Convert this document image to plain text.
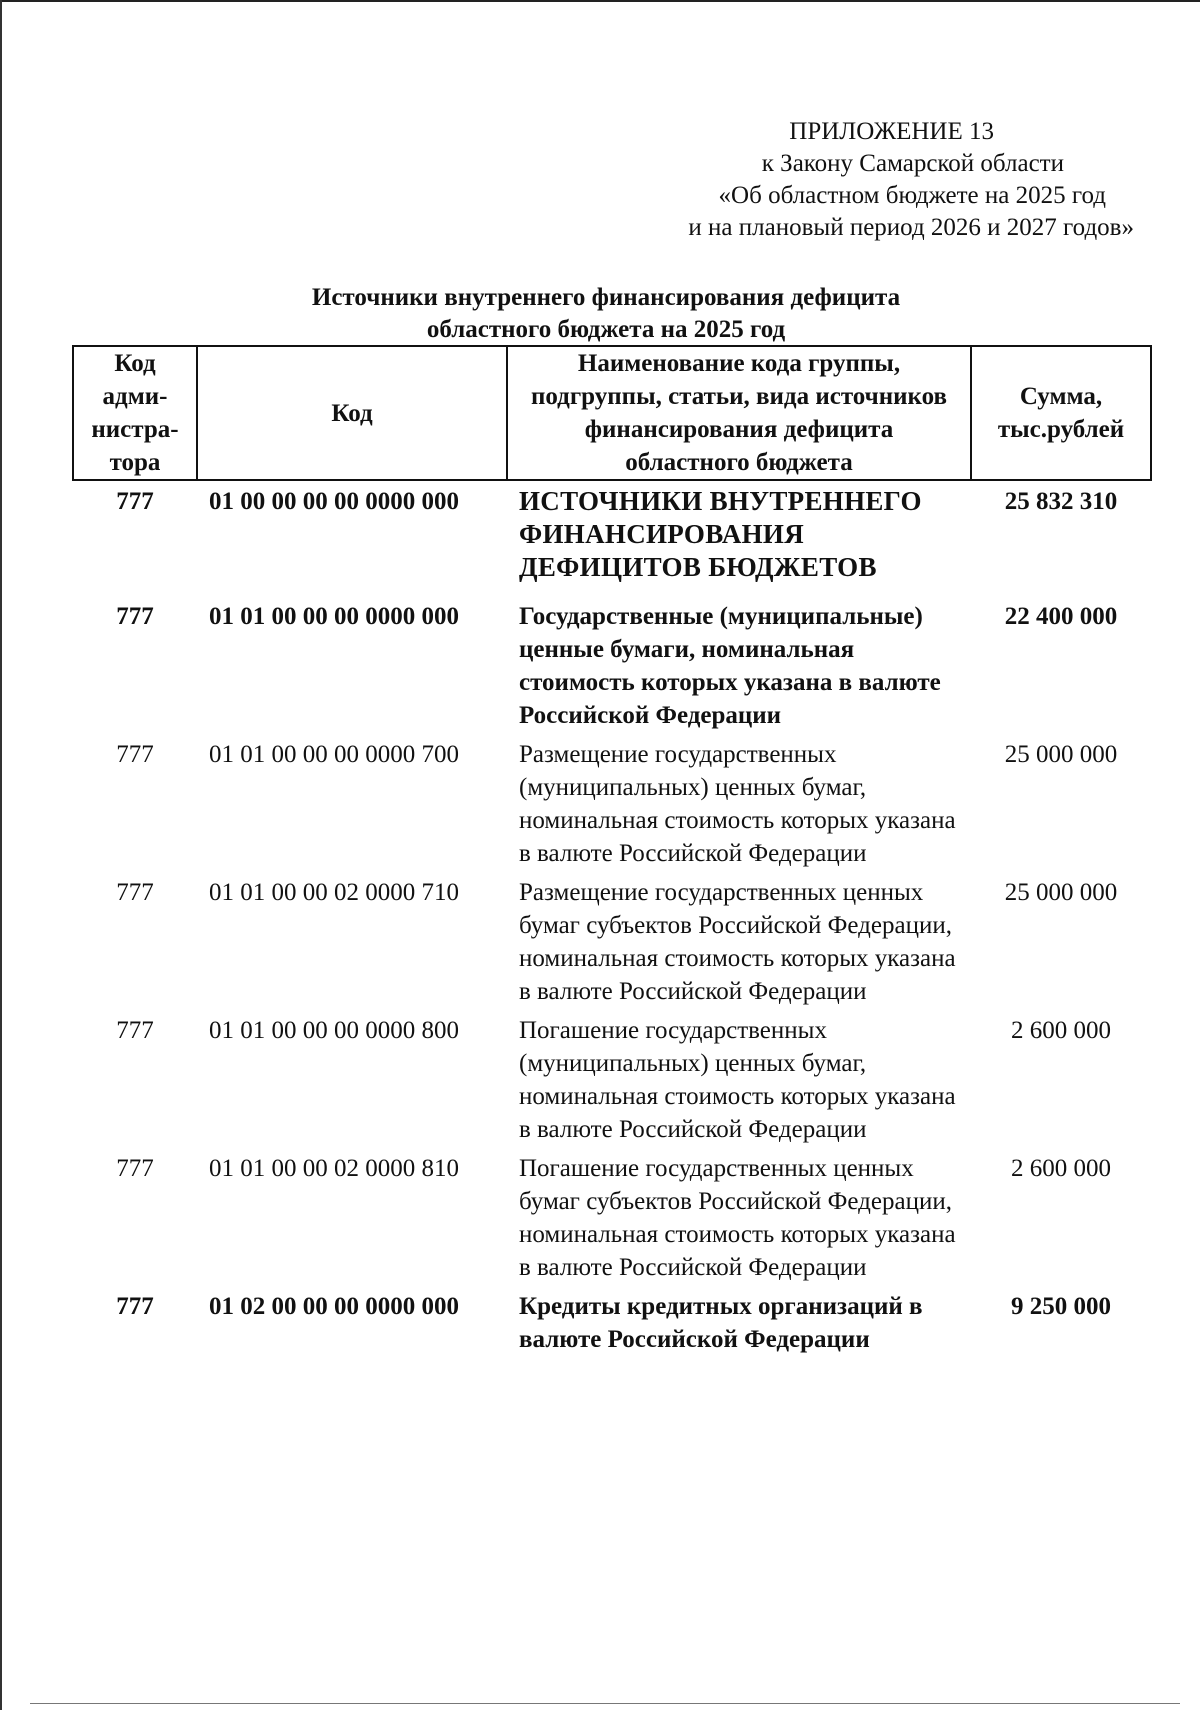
ПРИЛОЖЕНИЕ 13
к Закону Самарской области
«Об областном бюджете на 2025 год
и на плановый период 2026 и 2027 годов»
Источники внутреннего финансирования дефицита
областного бюджета на 2025 год
Код адми-нистра-тора	Код	Наименование кода группы, подгруппы, статьи, вида источников финансирования дефицита областного бюджета	Сумма, тыс.рублей
777	01 00 00 00 00 0000 000	ИСТОЧНИКИ ВНУТРЕННЕГО ФИНАНСИРОВАНИЯ ДЕФИЦИТОВ БЮДЖЕТОВ	25 832 310
777	01 01 00 00 00 0000 000	Государственные (муниципальные) ценные бумаги, номинальная стоимость которых указана в валюте Российской Федерации	22 400 000
777	01 01 00 00 00 0000 700	Размещение государственных (муниципальных) ценных бумаг, номинальная стоимость которых указана в валюте Российской Федерации	25 000 000
777	01 01 00 00 02 0000 710	Размещение государственных ценных бумаг субъектов Российской Федерации, номинальная стоимость которых указана в валюте Российской Федерации	25 000 000
777	01 01 00 00 00 0000 800	Погашение государственных (муниципальных) ценных бумаг, номинальная стоимость которых указана в валюте Российской Федерации	2 600 000
777	01 01 00 00 02 0000 810	Погашение государственных ценных бумаг субъектов Российской Федерации, номинальная стоимость которых указана в валюте Российской Федерации	2 600 000
777	01 02 00 00 00 0000 000	Кредиты кредитных организаций в валюте Российской Федерации	9 250 000
